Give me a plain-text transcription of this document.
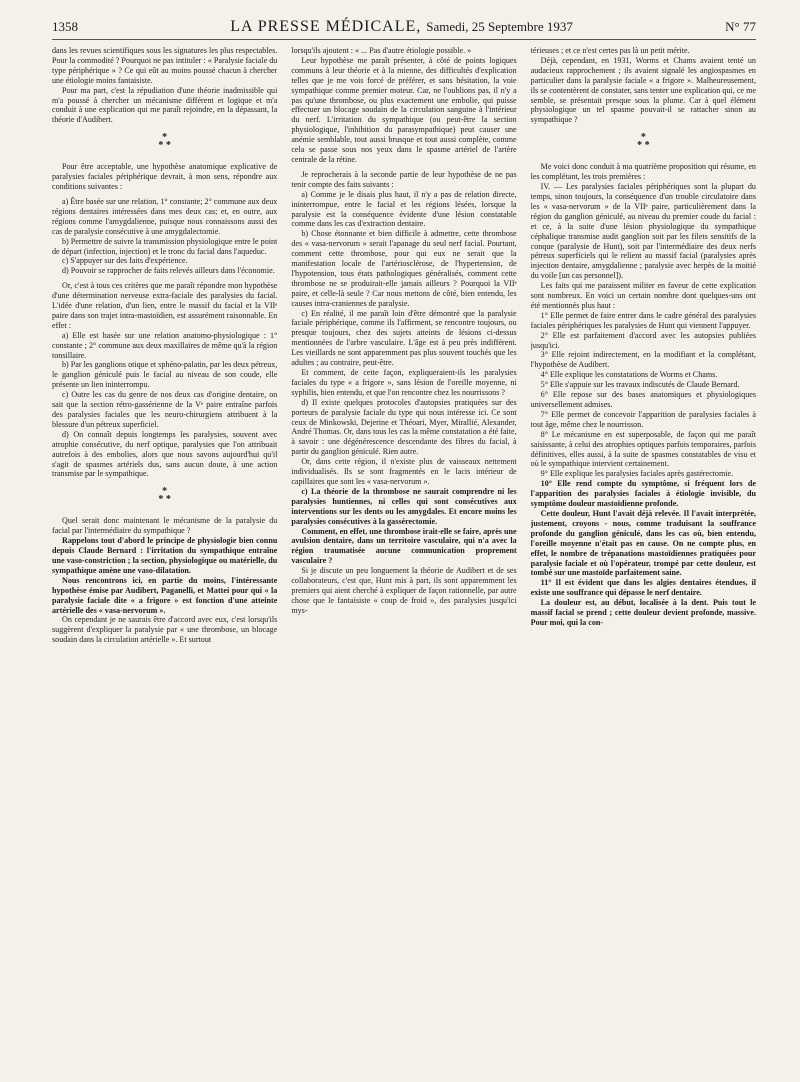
1358	LA PRESSE MÉDICALE, Samedi, 25 Septembre 1937	N° 77

dans les revues scientifiques sous les signatures les plus respectables. Pour la commodité ? Pourquoi ne pas intituler : « Paralysie faciale du type périphérique » ? Ce qui eût au moins poussé chacun à chercher une étiologie moins fantaisiste.

Pour ma part, c'est la répudiation d'une théorie inadmissible qui m'a poussé à chercher un mécanisme différent et logique et m'a conduit à une explication qui me paraît rejoindre, en la dépassant, la théorie d'Audibert.

*
* *

Pour être acceptable, une hypothèse anatomique explicative de paralysies faciales périphérique devrait, à mon sens, répondre aux conditions suivantes :

a) Être basée sur une relation, 1° constante; 2° commune aux deux régions dentaires intéressées dans mes deux cas; et, en outre, aux régions comme l'amygdalienne, puisque nous connaissons aussi des cas de paralysie consécutive à une amygdalectomie.

b) Permettre de suivre la transmission physiologique entre le point de départ (infection, injection) et le tronc du facial dans l'aqueduc.

c) S'appuyer sur des faits d'expérience.

d) Pouvoir se rapprocher de faits relevés ailleurs dans l'économie.

Or, c'est à tous ces critères que me paraît répondre mon hypothèse d'une détermination nerveuse extra-faciale des paralysies du facial. L'idée d'une relation, d'un lien, entre le massif du facial et la VIIᵉ paire dans son trajet intra-mastoïdien, est assurément raisonnable. En effet :

a) Elle est basée sur une relation anatomo-physiologique : 1° constante ; 2° commune aux deux maxillaires de même qu'à la région tonsillaire.

b) Par les ganglions otique et sphéno-palatin, par les deux pétreux, le ganglion géniculé puis le facial au niveau de son coude, elle présente un lien ininterrompu.

c) Outre les cas du genre de nos deux cas d'origine dentaire, on sait que la section rétro-gassérienne de la Vᵉ paire entraîne parfois des paralysies faciales que les neuro-chirurgiens attribuent à la blessure d'un pétreux superficiel.

d) On connaît depuis longtemps les paralysies, souvent avec atrophie consécutive, du nerf optique, paralysies que l'on attribuait autrefois à des embolies, alors que nous savons aujourd'hui qu'il s'agit de spasmes artériels dus, sans aucun doute, à une action transmise par le sympathique.

*
* *

Quel serait donc maintenant le mécanisme de la paralysie du facial par l'intermédiaire du sympathique ?

Rappelons tout d'abord le principe de physiologie bien connu depuis Claude Bernard : l'irritation du sympathique entraîne une vaso-constriction ; la section, physiologique ou matérielle, du sympathique amène une vaso-dilatation.

Nous rencontrons ici, en partie du moins, l'intéressante hypothèse émise par Audibert, Paganelli, et Mattei pour qui « la paralysie faciale dite « a frigore » est fonction d'une atteinte artérielle des « vasa-nervorum ».

On cependant je ne saurais être d'accord avec eux, c'est lorsqu'ils suggèrent d'expliquer la paralysie par « une thrombose, un blocage soudain dans la circulation artérielle ». Et surtout

lorsqu'ils ajoutent : « ... Pas d'autre étiologie possible. »

Leur hypothèse me paraît présenter, à côté de points logiques communs à leur théorie et à la mienne, des difficultés d'explication telles que je me vois forcé de préférer, et sans hésitation, la voie sympathique comme premier moteur. Car, ne l'oublions pas, il n'y a pas qu'une thrombose, ou plus exactement une embolie, qui puisse effectuer un blocage soudain de la circulation sanguine à l'intérieur du nerf. L'irritation du sympathique (ou peut-être la section physiologique, l'inhibition du parasympathique) peut causer une anémie semblable, tout aussi brusque et tout aussi complète, comme cela se passe sous nos yeux dans le spasme artériel de l'artère centrale de la rétine.

Je reprocherais à la seconde partie de leur hypothèse de ne pas tenir compte des faits suivants :

a) Comme je le disais plus haut, il n'y a pas de relation directe, ininterrompue, entre le facial et les régions lésées, lorsque la paralysie est la conséquence évidente d'une lésion constatable comme dans les cas d'extraction dentaire.

b) Chose étonnante et bien difficile à admettre, cette thrombose des « vasa-nervorum » serait l'apanage du seul nerf facial. Pourtant, comment cette thrombose, pour qui eux ne serait que la manifestation locale de l'artériosclérose, de l'hypertension, de l'hypotension, tous états pathologiques généralisés, comment cette thrombose ne se produirait-elle jamais ailleurs ? Pourquoi la VIIᵉ paire, et celle-là seule ? Car nous mettons de côté, bien entendu, les causes intra-craniennes de paralysie.

c) En réalité, il me paraît loin d'être démontré que la paralysie faciale périphérique, comme ils l'affirment, se rencontre toujours, ou presque toujours, chez des sujets atteints de lésions ci-dessus mentionnées de l'arbre vasculaire. L'âge est à peu près indifférent. Les vieillards ne sont apparemment pas plus souvent touchés que les adultes ; au contraire, peut-être.

Et comment, de cette façon, expliqueraient-ils les paralysies faciales du type « a frigore », sans lésion de l'oreille moyenne, ni syphilis, bien entendu, et que l'on rencontre chez les nourrissons ?

d) Il existe quelques protocoles d'autopsies pratiquées sur des porteurs de paralysie faciale du type qui nous intéresse ici. Ce sont ceux de Minkowski, Dejerine et Théoari, Myer, Mirallié, Alexander, André Thomas. Or, dans tous les cas la même constatation a été faite, à savoir : une dégénérescence descendante des fibres du facial, à partir du ganglion géniculé. Rien autre.

Or, dans cette région, il n'existe plus de vaisseaux nettement individualisés. Ils se sont fragmentés en le lacis intérieur de capillaires que sont les « vasa-nervorum ».

c) La théorie de la thrombose ne saurait comprendre ni les paralysies huntiennes, ni celles qui sont consécutives aux interventions sur les dents ou les amygdales. Et encore moins les paralysies consécutives à la gassérectomie.

Comment, en effet, une thrombose irait-elle se faire, après une avulsion dentaire, dans un territoire vasculaire, qui n'a avec la région traumatisée aucune communication proprement vasculaire ?

Si je discute un peu longuement la théorie de Audibert et de ses collaborateurs, c'est que, Hunt mis à part, ils sont apparemment les premiers qui aient cherché à expliquer de façon rationnelle, par autre chose que le fantaisiste « coup de froid », des paralysies jusqu'ici mys-

térieuses ; et ce n'est certes pas là un petit mérite.

Déjà, cependant, en 1931, Worms et Chams avaient tenté un audacieux rapprochement ; ils avaient signalé les angiospasmes en particulier dans la paralysie faciale « a frigore ». Malheureusement, ils se contentèrent de constater, sans tenter une explication qui, ce me semble, se présentait presque sous la plume. Car à quel élément physiologique un tel spasme pouvait-il se rattacher sinon au sympathique ?

*
* *

Me voici donc conduit à ma quatrième proposition qui résume, en les complétant, les trois premières :

IV. — Les paralysies faciales périphériques sont la plupart du temps, sinon toujours, la conséquence d'un trouble circulatoire dans les « vasa-nervorum » de la VIIᵉ paire, particulièrement dans la région du ganglion géniculé, au niveau du premier coude du facial : et ce, à la suite d'une lésion physiologique du sympathique céphalique transmise audit ganglion soit par les filets sensitifs de la conque (paralysie de Hunt), soit par l'intermédiaire des deux nerfs pétreux superficiels qui le relient au massif facial (paralysies après injection dentaire, amygdalienne ; paralysie avec herpès de la moitié du voile [un cas personnel]).

Les faits qui me paraissent militer en faveur de cette explication sont nombreux. En voici un certain nombre dont quelques-uns ont été mentionnés plus haut :

1° Elle permet de faire entrer dans le cadre général des paralysies faciales périphériques les paralysies de Hunt qui viennent l'appuyer.

2° Elle est parfaitement d'accord avec les autopsies publiées jusqu'ici.

3° Elle rejoint indirectement, en la modifiant et la complétant, l'hypothèse de Audibert.

4° Elle explique les constatations de Worms et Chams.

5° Elle s'appuie sur les travaux indiscutés de Claude Bernard.

6° Elle repose sur des bases anatomiques et physiologiques universellement admises.

7° Elle permet de concevoir l'apparition de paralysies faciales à tout âge, même chez le nourrisson.

8° Le mécanisme en est superposable, de façon qui me paraît saisissante, à celui des atrophies optiques parfois temporaires, parfois définitives, elles aussi, à la suite de spasmes constatables de visu et où le sympathique intervient certainement.

9° Elle explique les paralysies faciales après gastérectomie.

10° Elle rend compte du symptôme, si fréquent lors de l'apparition des paralysies faciales à étiologie invisible, du symptôme douleur mastoïdienne profonde.

Cette douleur, Hunt l'avait déjà relevée. Il l'avait interprétée, justement, croyons - nous, comme traduisant la souffrance profonde du ganglion géniculé, dans les cas où, bien entendu, l'oreille moyenne n'était pas en cause. On ne compte plus, en effet, le nombre de trépanations mastoïdiennes pratiquées pour paralysie faciale et où l'opérateur, trompé par cette douleur, est tombé sur une mastoïde parfaitement saine.

11° Il est évident que dans les algies dentaires étendues, il existe une souffrance qui dépasse le nerf dentaire.

La douleur est, au début, localisée à la dent. Puis tout le massif facial se prend ; cette douleur devient profonde, massive. Pour moi, qui la con-
